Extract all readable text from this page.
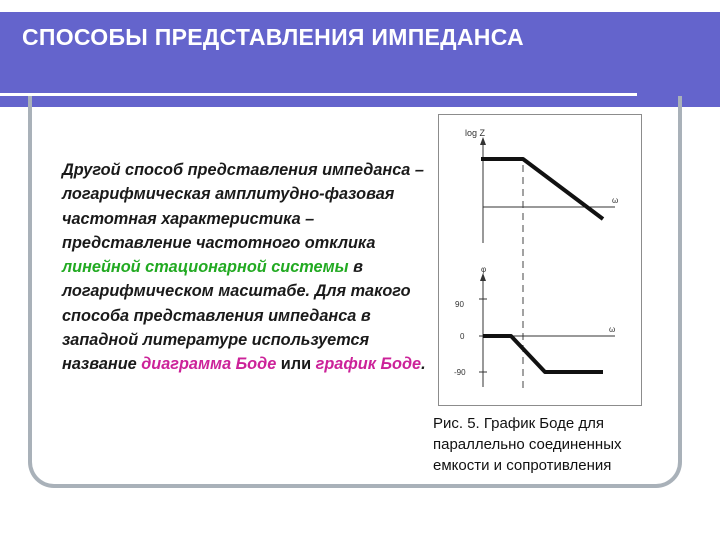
СПОСОБЫ ПРЕДСТАВЛЕНИЯ ИМПЕДАНСА
Другой способ представления импеданса – логарифмическая амплитудно-фазовая частотная характеристика – представление частотного отклика линейной стационарной системы в логарифмическом масштабе. Для такого способа представления импеданса в западной литературе используется название диаграмма Боде или график Боде.
log Z
ω
φ
ω
90
0
-90
Рис. 5. График Боде для параллельно соединенных емкости и сопротивления
